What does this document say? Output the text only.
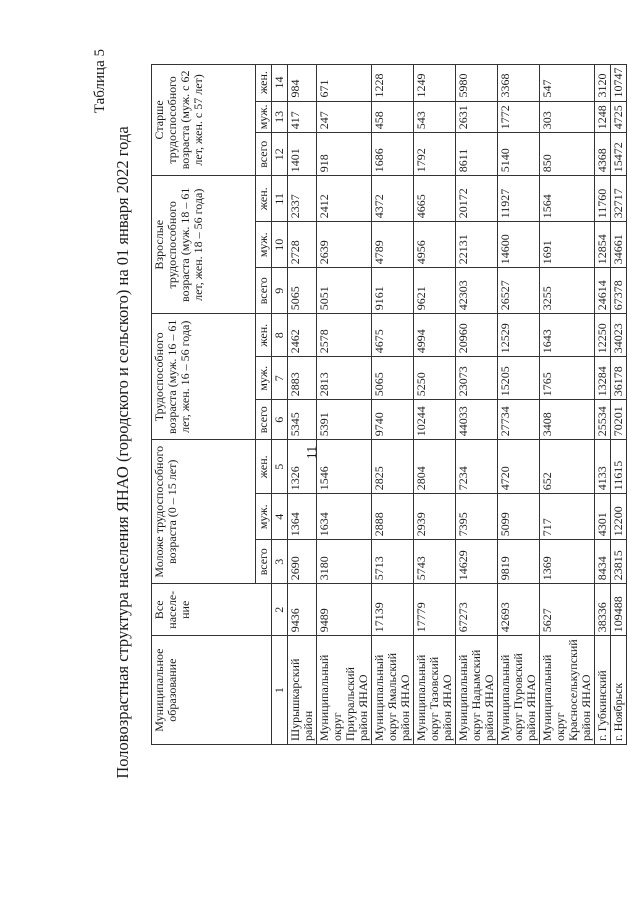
11
Таблица 5
Половозрастная структура населения ЯНАО (городского и сельского) на 01 января 2022 года Муниципальное образование	Все населе-ние	Моложе трудоспособного возраста (0 – 15 лет)			Трудоспособного возраста (муж. 16 – 61 лет, жен. 16 – 56 года)			Взрослые трудоспособного возраста (муж. 18 – 61 лет, жен. 18 – 56 года)			Старше трудоспособного возраста (муж. с 62 лет, жен. с 57 лет)		
		всего	муж.	жен.	всего	муж.	жен.	всего	муж.	жен.	всего	муж.	жен.
1	2	3	4	5	6	7	8	9	10	11	12	13	14
Шурышкарский район	9436	2690	1364	1326	5345	2883	2462	5065	2728	2337	1401	417	984
Муниципальный округ Приуральский район ЯНАО	9489	3180	1634	1546	5391	2813	2578	5051	2639	2412	918	247	671
Муниципальный округ Ямальский район ЯНАО	17139	5713	2888	2825	9740	5065	4675	9161	4789	4372	1686	458	1228
Муниципальный округ Тазовский район ЯНАО	17779	5743	2939	2804	10244	5250	4994	9621	4956	4665	1792	543	1249
Муниципальный округ Надымский район ЯНАО	67273	14629	7395	7234	44033	23073	20960	42303	22131	20172	8611	2631	5980
Муниципальный округ Пуровский район ЯНАО	42693	9819	5099	4720	27734	15205	12529	26527	14600	11927	5140	1772	3368
Муниципальный округ Красноселькупский район ЯНАО	5627	1369	717	652	3408	1765	1643	3255	1691	1564	850	303	547
г. Губкинский	38336	8434	4301	4133	25534	13284	12250	24614	12854	11760	4368	1248	3120
г. Ноябрьск	109488	23815	12200	11615	70201	36178	34023	67378	34661	32717	15472	4725	10747
